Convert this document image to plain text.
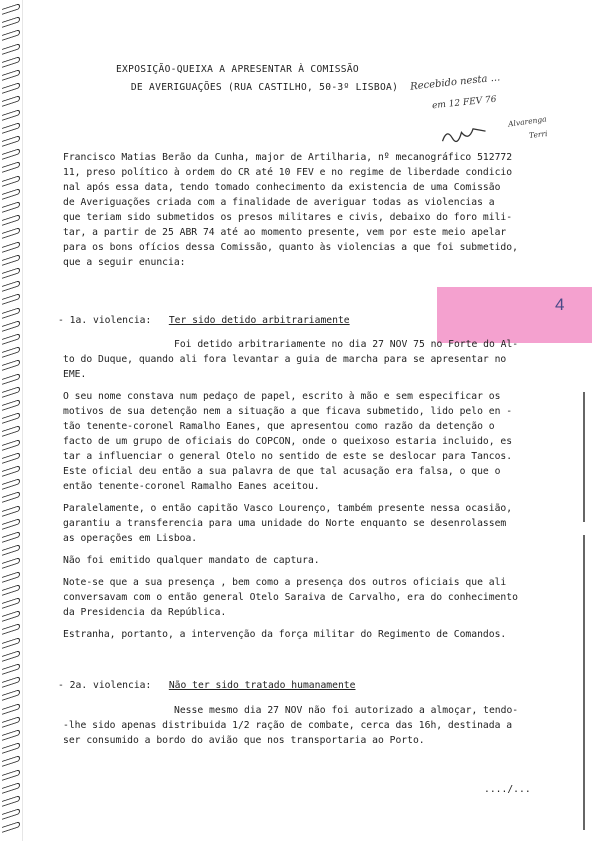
EXPOSIÇÃO-QUEIXA A APRESENTAR À COMISSÃO
DE AVERIGUAÇÕES (RUA CASTILHO, 50-3º LISBOA)	Recebido nesta ...
em 12 FEV 76
Alvarenga
Terri
4
Francisco Matias Berão da Cunha, major de Artilharia, nº mecanográfico 512772
11, preso político à ordem do CR até 10 FEV e no regime de liberdade condicio
nal após essa data, tendo tomado conhecimento da existencia de uma Comissão
de Averiguações criada com a finalidade de averiguar todas as violencias a
que teriam sido submetidos os presos militares e civis, debaixo do foro mili-
tar, a partir de 25 ABR 74 até ao momento presente, vem por este meio apelar
para os bons ofícios dessa Comissão, quanto às violencias a que foi submetido,
que a seguir enuncia:
- 1a. violencia: Ter sido detido arbitrariamente
Foi detido arbitrariamente no dia 27 NOV 75 no Forte do Al-
to do Duque, quando ali fora levantar a guia de marcha para se apresentar no
EME.
O seu nome constava num pedaço de papel, escrito à mão e sem especificar os
motivos de sua detenção nem a situação a que ficava submetido, lido pelo en -
tão tenente-coronel Ramalho Eanes, que apresentou como razão da detenção o
facto de um grupo de oficiais do COPCON, onde o queixoso estaria incluido, es
tar a influenciar o general Otelo no sentido de este se deslocar para Tancos.
Este oficial deu então a sua palavra de que tal acusação era falsa, o que o
então tenente-coronel Ramalho Eanes aceitou.
Paralelamente, o então capitão Vasco Lourenço, também presente nessa ocasião,
garantiu a transferencia para uma unidade do Norte enquanto se desenrolassem
as operações em Lisboa.
Não foi emitido qualquer mandato de captura.
Note-se que a sua presença , bem como a presença dos outros oficiais que ali
conversavam com o então general Otelo Saraiva de Carvalho, era do conhecimento
da Presidencia da República.
Estranha, portanto, a intervenção da força militar do Regimento de Comandos.
- 2a. violencia: Não ter sido tratado humanamente
Nesse mesmo dia 27 NOV não foi autorizado a almoçar, tendo-
-lhe sido apenas distribuida 1/2 ração de combate, cerca das 16h, destinada a
ser consumido a bordo do avião que nos transportaria ao Porto.
..../...
